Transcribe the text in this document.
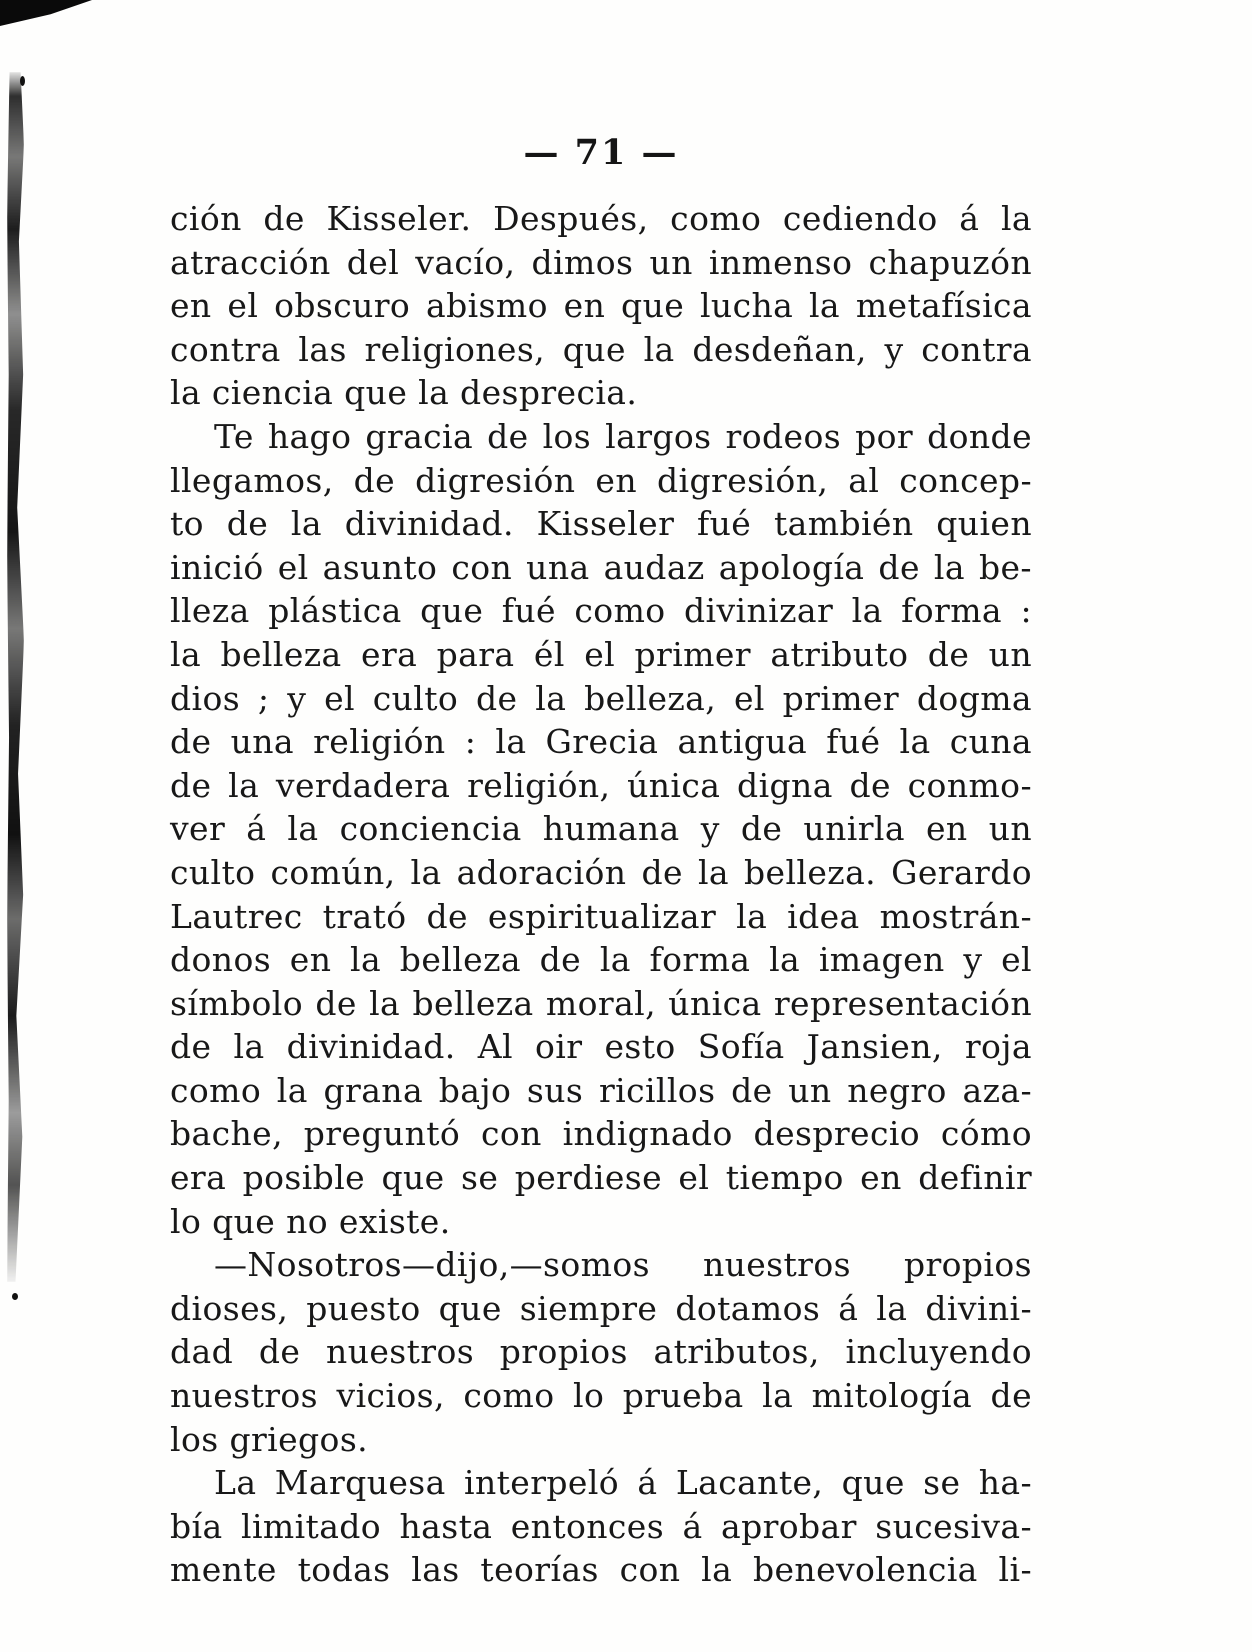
— 71 —
ción de Kisseler. Después, como cediendo á la
atracción del vacío, dimos un inmenso chapuzón
en el obscuro abismo en que lucha la metafísica
contra las religiones, que la desdeñan, y contra
la ciencia que la desprecia.
Te hago gracia de los largos rodeos por donde
llegamos, de digresión en digresión, al concep-
to de la divinidad. Kisseler fué también quien
inició el asunto con una audaz apología de la be-
lleza plástica que fué como divinizar la forma :
la belleza era para él el primer atributo de un
dios ; y el culto de la belleza, el primer dogma
de una religión : la Grecia antigua fué la cuna
de la verdadera religión, única digna de conmo-
ver á la conciencia humana y de unirla en un
culto común, la adoración de la belleza. Gerardo
Lautrec trató de espiritualizar la idea mostrán-
donos en la belleza de la forma la imagen y el
símbolo de la belleza moral, única representación
de la divinidad. Al oir esto Sofía Jansien, roja
como la grana bajo sus ricillos de un negro aza-
bache, preguntó con indignado desprecio cómo
era posible que se perdiese el tiempo en definir
lo que no existe.
—Nosotros—dijo,—somos nuestros propios
dioses, puesto que siempre dotamos á la divini-
dad de nuestros propios atributos, incluyendo
nuestros vicios, como lo prueba la mitología de
los griegos.
La Marquesa interpeló á Lacante, que se ha-
bía limitado hasta entonces á aprobar sucesiva-
mente todas las teorías con la benevolencia li-
